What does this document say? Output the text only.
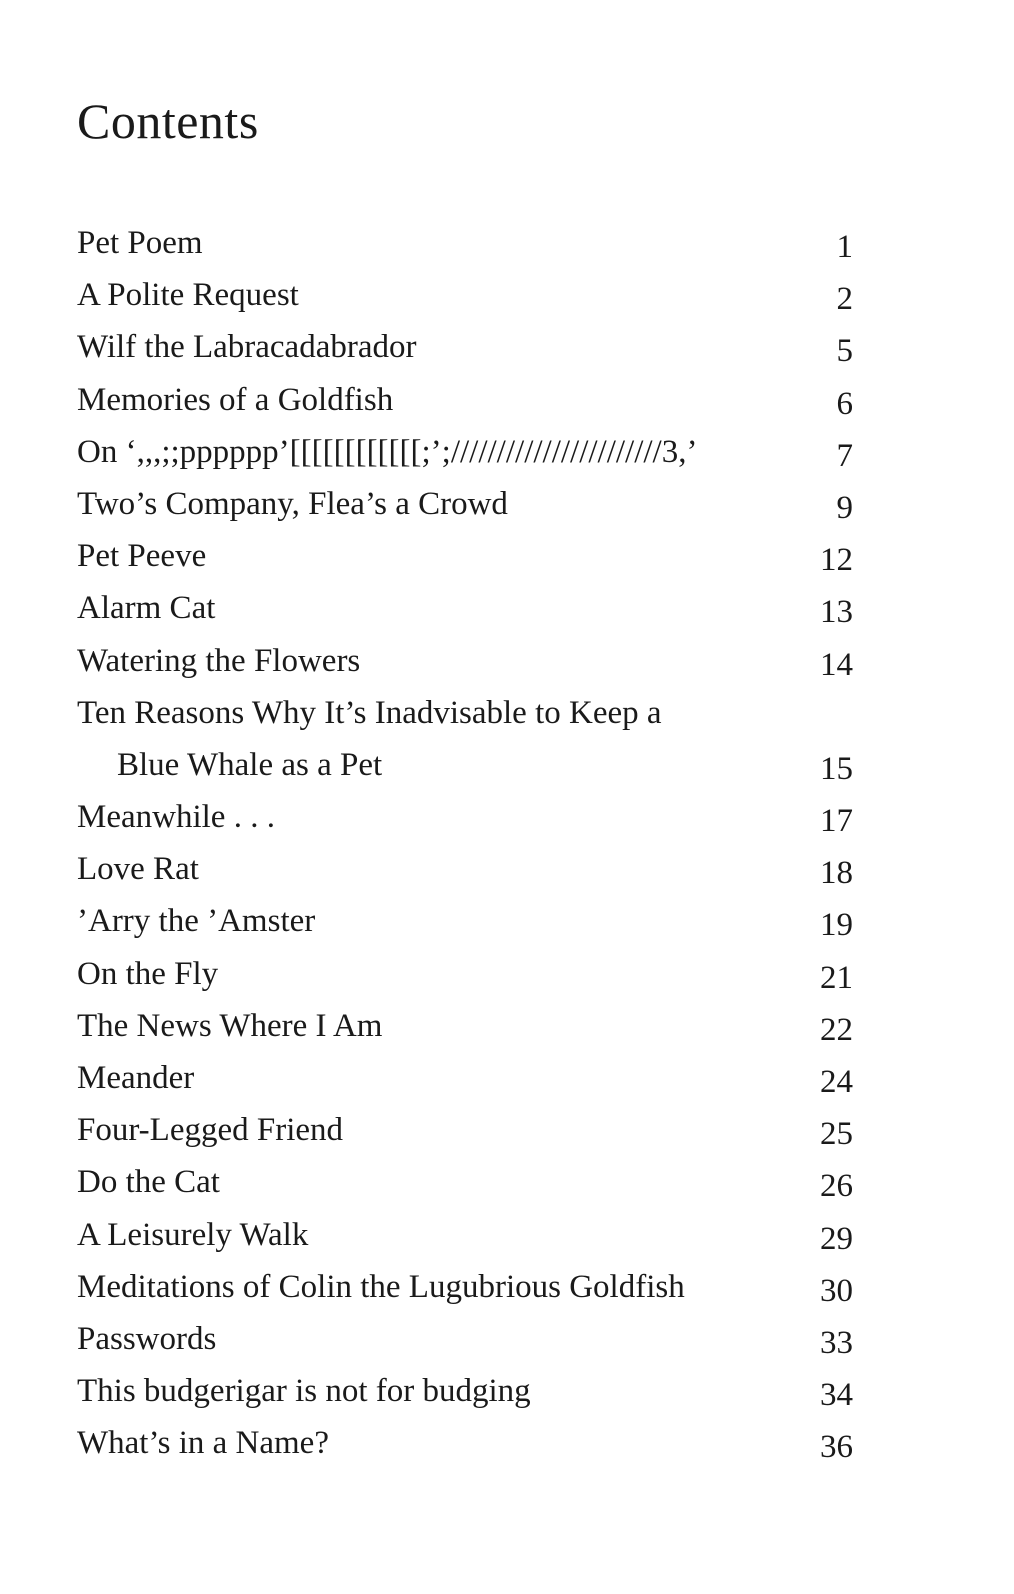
Contents
Pet Poem	1
A Polite Request	2
Wilf the Labracadabrador	5
Memories of a Goldfish	6
On ‘,,,;;pppppp’[[[[[[[[[[[[;’;///////////////////////3,’	7
Two’s Company, Flea’s a Crowd	9
Pet Peeve	12
Alarm Cat	13
Watering the Flowers	14
Ten Reasons Why It’s Inadvisable to Keep a
Blue Whale as a Pet	15
Meanwhile . . .	17
Love Rat	18
’Arry the ’Amster	19
On the Fly	21
The News Where I Am	22
Meander	24
Four-Legged Friend	25
Do the Cat	26
A Leisurely Walk	29
Meditations of Colin the Lugubrious Goldfish	30
Passwords	33
This budgerigar is not for budging	34
What’s in a Name?	36
